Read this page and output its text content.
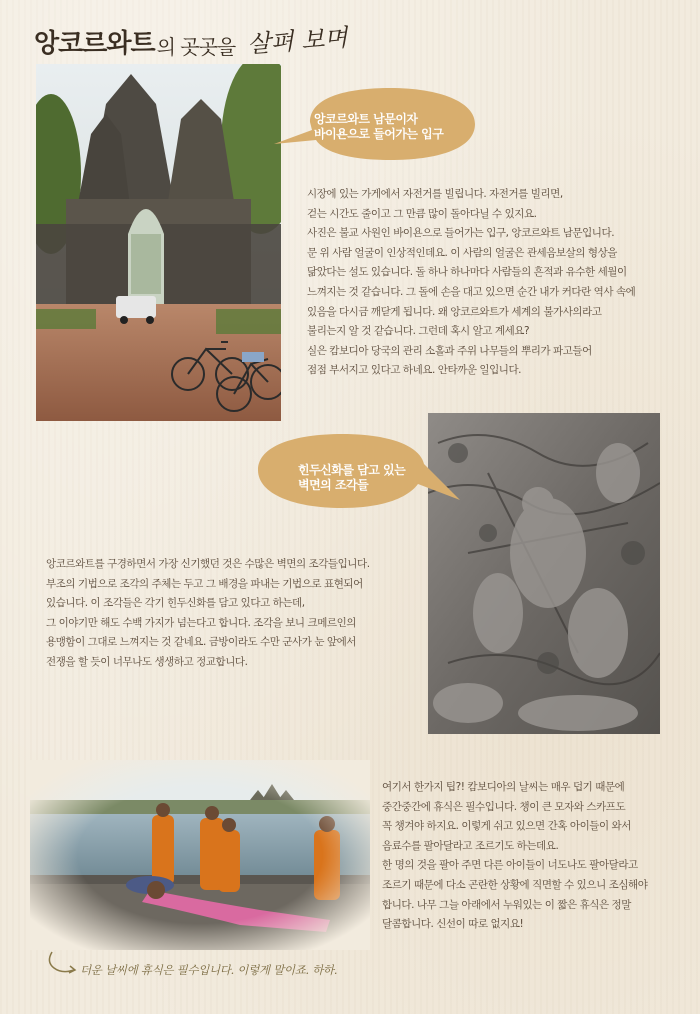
앙코르와트 의 곳곳을 살펴 보며
앙코르와트 남문이자
바이욘으로 들어가는 입구
시장에 있는 가게에서 자전거를 빌립니다. 자전거를 빌리면,
걷는 시간도 줄이고 그 만큼 많이 돌아다닐 수 있지요.
사진은 불교 사원인 바이욘으로 들어가는 입구, 앙코르와트 남문입니다.
문 위 사람 얼굴이 인상적인데요. 이 사람의 얼굴은 관세음보살의 형상을
닮았다는 설도 있습니다. 돌 하나 하나마다 사람들의 흔적과 유수한 세월이
느껴지는 것 같습니다. 그 돌에 손을 대고 있으면 순간 내가 커다란 역사 속에
있음을 다시금 깨닫게 됩니다. 왜 앙코르와트가 세계의 불가사의라고
불리는지 알 것 같습니다. 그런데 혹시 알고 계세요?
실은 캄보디아 당국의 관리 소홀과 주위 나무들의 뿌리가 파고들어
점점 부서지고 있다고 하네요. 안타까운 일입니다.
힌두신화를 담고 있는
벽면의 조각들
앙코르와트를 구경하면서 가장 신기했던 것은 수많은 벽면의 조각들입니다.
부조의 기법으로 조각의 주체는 두고 그 배경을 파내는 기법으로 표현되어
있습니다. 이 조각들은 각기 힌두신화를 담고 있다고 하는데,
그 이야기만 해도 수백 가지가 넘는다고 합니다. 조각을 보니 크메르인의
용맹함이 그대로 느껴지는 것 같네요. 금방이라도 수만 군사가 눈 앞에서
전쟁을 할 듯이 너무나도 생생하고 정교합니다.
여기서 한가지 팁?! 캄보디아의 날씨는 매우 덥기 때문에
중간중간에 휴식은 필수입니다. 챙이 큰 모자와 스카프도
꼭 챙겨야 하지요. 이렇게 쉬고 있으면 간혹 아이들이 와서
음료수를 팔아달라고 조르기도 하는데요.
한 명의 것을 팔아 주면 다른 아이들이 너도나도 팔아달라고
조르기 때문에 다소 곤란한 상황에 직면할 수 있으니 조심해야
합니다. 나무 그늘 아래에서 누워있는 이 짧은 휴식은 정말
달콤합니다. 신선이 따로 없지요!
더운 날씨에 휴식은 필수입니다. 이렇게 말이죠. 하하.
